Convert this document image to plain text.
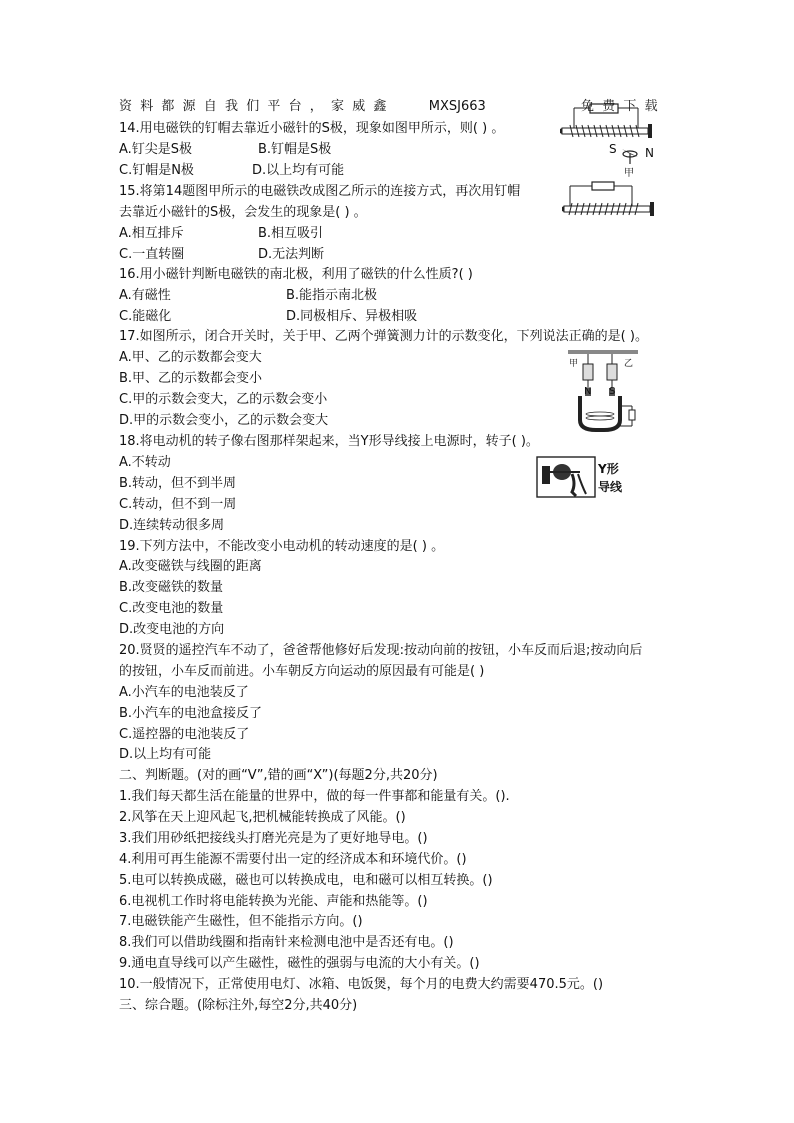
资料都源自我们平台，家威鑫	MXSJ663	免费下载
14.用电磁铁的钉帽去靠近小磁针的S极，现象如图甲所示，则( ) 。
A.钉尖是S极	B.钉帽是S极
C.钉帽是N极	D.以上均有可能
S N
甲
15.将第14题图甲所示的电磁铁改成图乙所示的连接方式，再次用钉帽
去靠近小磁针的S极，会发生的现象是( ) 。
A.相互排斥	B.相互吸引
C.一直转圈	D.无法判断
16.用小磁针判断电磁铁的南北极，利用了磁铁的什么性质?( )
A.有磁性	B.能指示南北极
C.能磁化	D.同极相斥、异极相吸
17.如图所示，闭合开关时，关于甲、乙两个弹簧测力计的示数变化，下列说法正确的是( )。
A.甲、乙的示数都会变大
B.甲、乙的示数都会变小
C.甲的示数会变大，乙的示数会变小
D.甲的示数会变小，乙的示数会变大
甲	乙
N S
18.将电动机的转子像右图那样架起来，当Y形导线接上电源时，转子( )。
A.不转动
B.转动，但不到半周
C.转动，但不到一周
D.连续转动很多周
Y形
导线
19.下列方法中，不能改变小电动机的转动速度的是( ) 。
A.改变磁铁与线圈的距离
B.改变磁铁的数量
C.改变电池的数量
D.改变电池的方向
20.贤贤的遥控汽车不动了，爸爸帮他修好后发现:按动向前的按钮，小车反而后退;按动向后
的按钮，小车反而前进。小车朝反方向运动的原因最有可能是( )
A.小汽车的电池装反了
B.小汽车的电池盒接反了
C.遥控器的电池装反了
D.以上均有可能
二、判断题。(对的画“V”,错的画“X”)(每题2分,共20分)
1.我们每天都生活在能量的世界中，做的每一件事都和能量有关。().
2.风筝在天上迎风起飞,把机械能转换成了风能。()
3.我们用砂纸把接线头打磨光亮是为了更好地导电。()
4.利用可再生能源不需要付出一定的经济成本和环境代价。()
5.电可以转换成磁，磁也可以转换成电，电和磁可以相互转换。()
6.电视机工作时将电能转换为光能、声能和热能等。()
7.电磁铁能产生磁性，但不能指示方向。()
8.我们可以借助线圈和指南针来检测电池中是否还有电。()
9.通电直导线可以产生磁性，磁性的强弱与电流的大小有关。()
10.一般情况下，正常使用电灯、冰箱、电饭煲，每个月的电费大约需要470.5元。()
三、综合题。(除标注外,每空2分,共40分)
